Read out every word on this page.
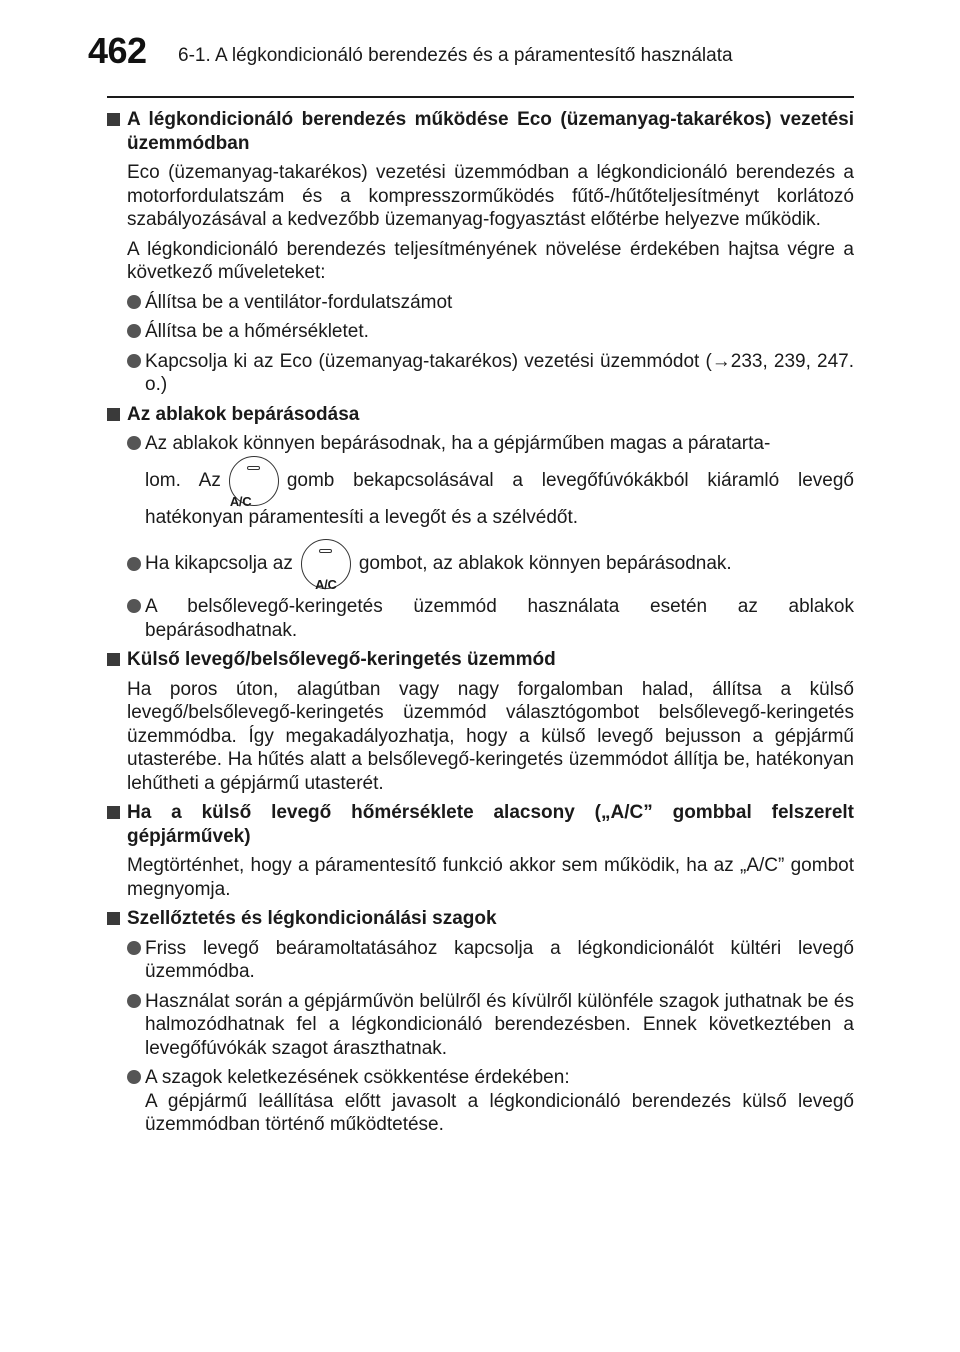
462 6-1. A légkondicionáló berendezés és a páramentesítő használata
A légkondicionáló berendezés működése Eco (üzemanyag-takarékos) vezetési üzemmódban
Eco (üzemanyag-takarékos) vezetési üzemmódban a légkondicionáló berendezés a motorfordulatszám és a kompresszorműködés fűtő-/hűtőteljesítményt korlátozó szabályozásával a kedvezőbb üzemanyag-fogyasztást előtérbe helyezve működik.
A légkondicionáló berendezés teljesítményének növelése érdekében hajtsa végre a következő műveleteket:
Állítsa be a ventilátor-fordulatszámot
Állítsa be a hőmérsékletet.
Kapcsolja ki az Eco (üzemanyag-takarékos) vezetési üzemmódot (→233, 239, 247. o.)
Az ablakok bepárásodása
Az ablakok könnyen bepárásodnak, ha a gépjárműben magas a páratarta-
lom. Az
A/C
gomb bekapcsolásával a levegőfúvókákból kiáramló levegő
hatékonyan páramentesíti a levegőt és a szélvédőt.
Ha kikapcsolja az
A/C
gombot, az ablakok könnyen bepárásodnak.
A belsőlevegő-keringetés üzemmód használata esetén az ablakok bepárásodhatnak.
Külső levegő/belsőlevegő-keringetés üzemmód
Ha poros úton, alagútban vagy nagy forgalomban halad, állítsa a külső levegő/belsőlevegő-keringetés üzemmód választógombot belsőlevegő-keringetés üzemmódba. Így megakadályozhatja, hogy a külső levegő bejusson a gépjármű utasterébe. Ha hűtés alatt a belsőlevegő-keringetés üzemmódot állítja be, hatékonyan lehűtheti a gépjármű utasterét.
Ha a külső levegő hőmérséklete alacsony („A/C” gombbal felszerelt gépjárművek)
Megtörténhet, hogy a páramentesítő funkció akkor sem működik, ha az „A/C” gombot megnyomja.
Szellőztetés és légkondicionálási szagok
Friss levegő beáramoltatásához kapcsolja a légkondicionálót kültéri levegő üzemmódba.
Használat során a gépjárművön belülről és kívülről különféle szagok juthatnak be és halmozódhatnak fel a légkondicionáló berendezésben. Ennek következtében a levegőfúvókák szagot áraszthatnak.
A szagok keletkezésének csökkentése érdekében:
A gépjármű leállítása előtt javasolt a légkondicionáló berendezés külső levegő üzemmódban történő működtetése.
